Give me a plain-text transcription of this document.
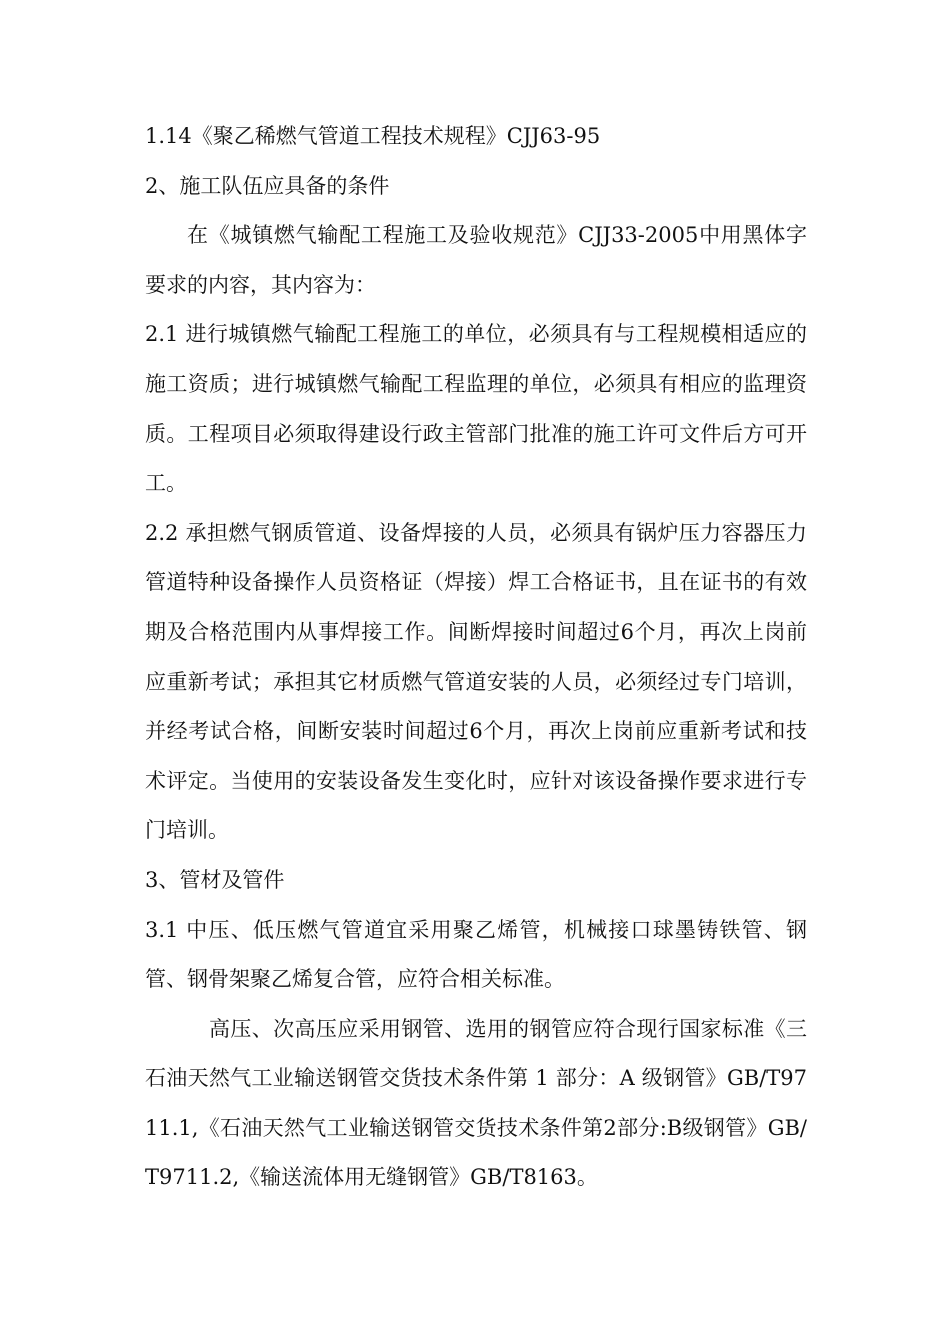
1.14《聚乙稀燃气管道工程技术规程》CJJ63-95

2、施工队伍应具备的条件

在《城镇燃气输配工程施工及验收规范》CJJ33-2005中用黑体字要求的内容，其内容为：

2.1 进行城镇燃气输配工程施工的单位，必须具有与工程规模相适应的施工资质；进行城镇燃气输配工程监理的单位，必须具有相应的监理资质。工程项目必须取得建设行政主管部门批准的施工许可文件后方可开工。

2.2 承担燃气钢质管道、设备焊接的人员，必须具有锅炉压力容器压力管道特种设备操作人员资格证（焊接）焊工合格证书，且在证书的有效期及合格范围内从事焊接工作。间断焊接时间超过6个月，再次上岗前应重新考试；承担其它材质燃气管道安装的人员，必须经过专门培训，并经考试合格，间断安装时间超过6个月，再次上岗前应重新考试和技术评定。当使用的安装设备发生变化时，应针对该设备操作要求进行专门培训。

3、管材及管件

3.1 中压、低压燃气管道宜采用聚乙烯管，机械接口球墨铸铁管、钢管、钢骨架聚乙烯复合管，应符合相关标准。

高压、次高压应采用钢管、选用的钢管应符合现行国家标准《三石油天然气工业输送钢管交货技术条件第 1 部分：A 级钢管》GB/T9711.1,《石油天然气工业输送钢管交货技术条件第2部分:B级钢管》GB/T9711.2,《输送流体用无缝钢管》GB/T8163。
